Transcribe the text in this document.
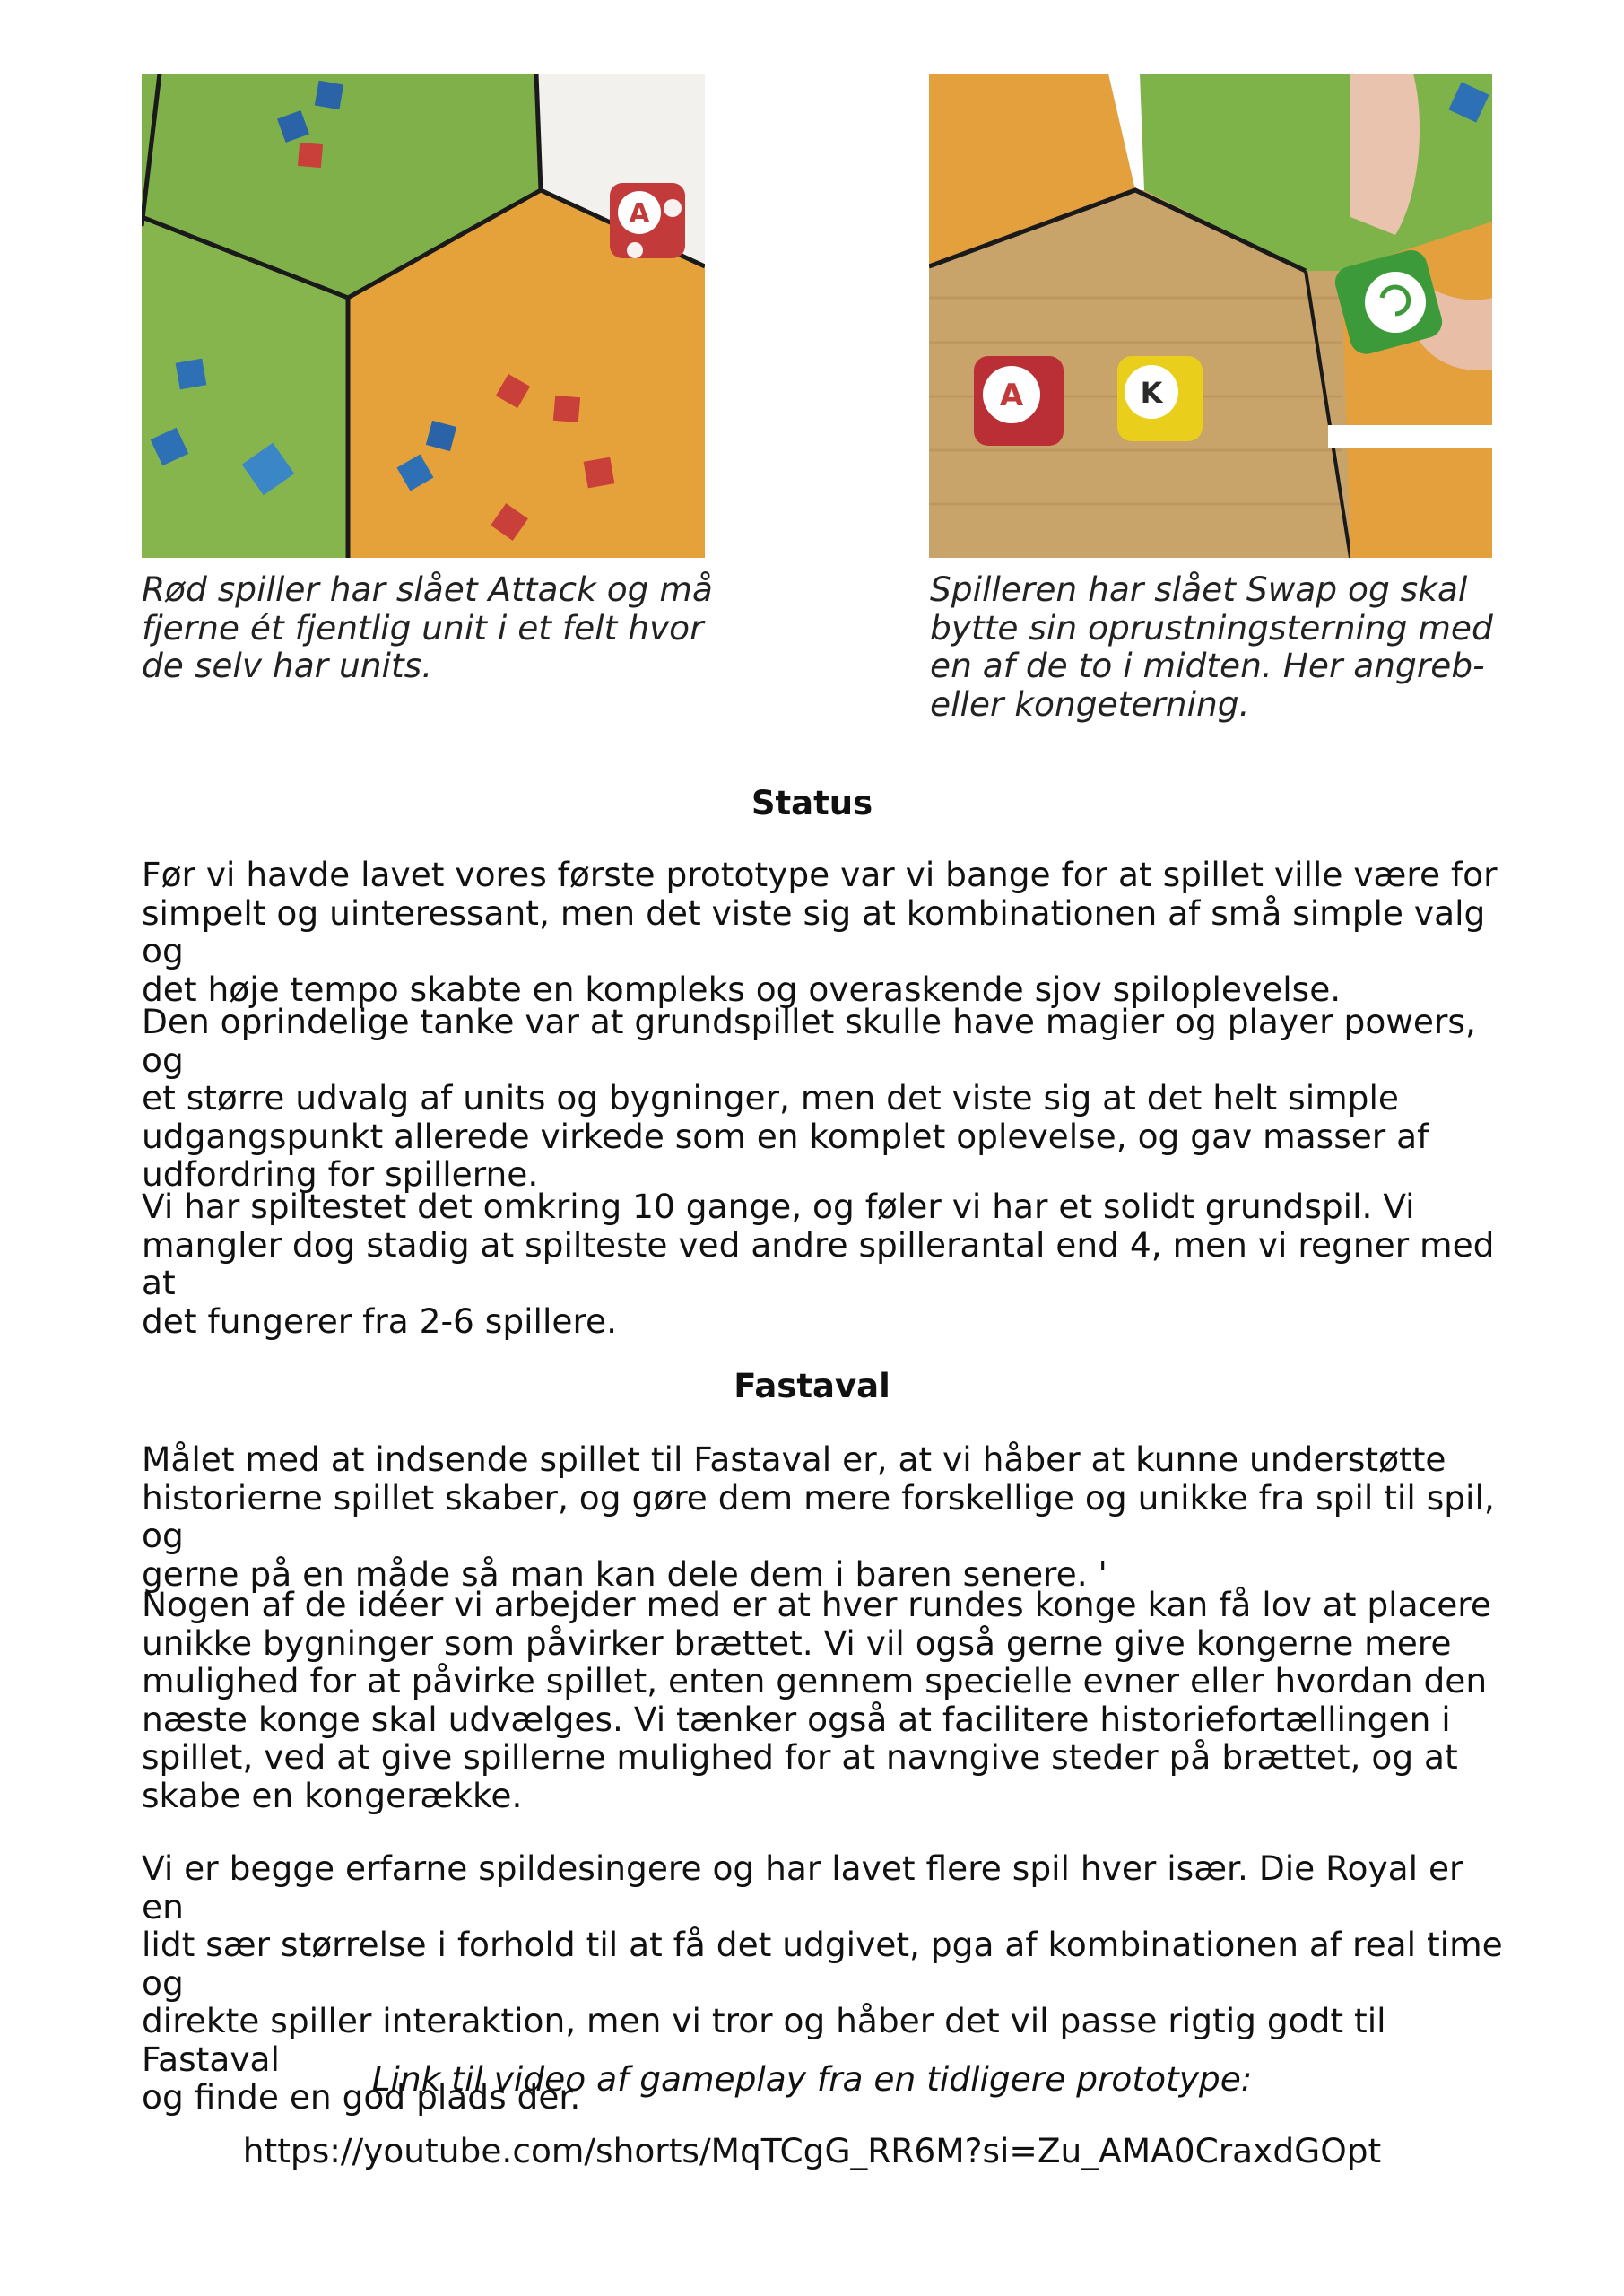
A
A	K
Rød spiller har slået Attack og må
fjerne ét fjentlig unit i et felt hvor
de selv har units.
Spilleren har slået Swap og skal
bytte sin oprustningsterning med
en af de to i midten. Her angreb-
eller kongeterning.
Status
Før vi havde lavet vores første prototype var vi bange for at spillet ville være for
simpelt og uinteressant, men det viste sig at kombinationen af små simple valg og
det høje tempo skabte en kompleks og overaskende sjov spiloplevelse.
Den oprindelige tanke var at grundspillet skulle have magier og player powers, og
et større udvalg af units og bygninger, men det viste sig at det helt simple
udgangspunkt allerede virkede som en komplet oplevelse, og gav masser af
udfordring for spillerne.
Vi har spiltestet det omkring 10 gange, og føler vi har et solidt grundspil. Vi
mangler dog stadig at spilteste ved andre spillerantal end 4, men vi regner med at
det fungerer fra 2-6 spillere.
Fastaval
Målet med at indsende spillet til Fastaval er, at vi håber at kunne understøtte
historierne spillet skaber, og gøre dem mere forskellige og unikke fra spil til spil, og
gerne på en måde så man kan dele dem i baren senere. '
Nogen af de idéer vi arbejder med er at hver rundes konge kan få lov at placere
unikke bygninger som påvirker brættet. Vi vil også gerne give kongerne mere
mulighed for at påvirke spillet, enten gennem specielle evner eller hvordan den
næste konge skal udvælges. Vi tænker også at facilitere historiefortællingen i
spillet, ved at give spillerne mulighed for at navngive steder på brættet, og at
skabe en kongerække.
Vi er begge erfarne spildesingere og har lavet flere spil hver især. Die Royal er en
lidt sær størrelse i forhold til at få det udgivet, pga af kombinationen af real time og
direkte spiller interaktion, men vi tror og håber det vil passe rigtig godt til Fastaval
og finde en god plads der.
Link til video af gameplay fra en tidligere prototype:
https://youtube.com/shorts/MqTCgG_RR6M?si=Zu_AMA0CraxdGOpt
